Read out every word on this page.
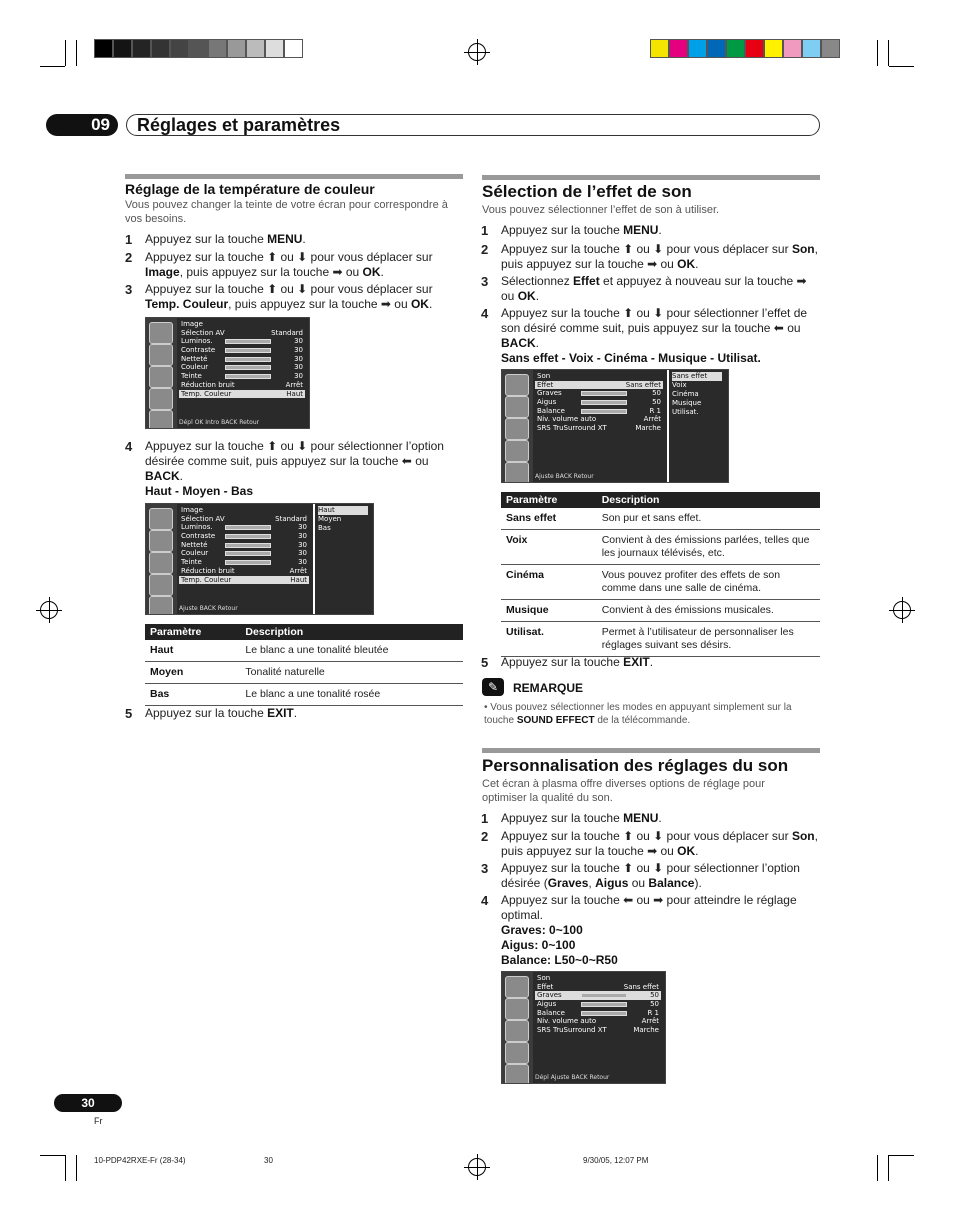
09	Réglages et paramètres
Réglage de la température de couleur
Vous pouvez changer la teinte de votre écran pour correspondre à vos besoins.
1 Appuyez sur la touche MENU.
2 Appuyez sur la touche ⬆ ou ⬇ pour vous déplacer sur Image, puis appuyez sur la touche ➡ ou OK.
3 Appuyez sur la touche ⬆ ou ⬇ pour vous déplacer sur Temp. Couleur, puis appuyez sur la touche ➡ ou OK.
Image
Sélection AV	Standard
Luminos.	30
Contraste	30
Netteté	30
Couleur	30
Teinte	30
Réduction bruit	Arrêt
Temp. Couleur	Haut
Dépl OK Intro BACK Retour
4 Appuyez sur la touche ⬆ ou ⬇ pour sélectionner l’option désirée comme suit, puis appuyez sur la touche ⬅ ou BACK.
Haut - Moyen - Bas
Image
Sélection AV	Standard
Luminos.	30
Contraste	30
Netteté	30
Couleur	30
Teinte	30
Réduction bruit	Arrêt
Temp. Couleur	Haut
Haut
Moyen
Bas
Ajuste BACK Retour
Paramètre	Description
Haut	Le blanc a une tonalité bleutée
Moyen	Tonalité naturelle
Bas	Le blanc a une tonalité rosée
5 Appuyez sur la touche EXIT.
Sélection de l’effet de son
Vous pouvez sélectionner l’effet de son à utiliser.
1 Appuyez sur la touche MENU.
2 Appuyez sur la touche ⬆ ou ⬇ pour vous déplacer sur Son, puis appuyez sur la touche ➡ ou OK.
3 Sélectionnez Effet et appuyez à nouveau sur la touche ➡ ou OK.
4 Appuyez sur la touche ⬆ ou ⬇ pour sélectionner l’effet de son désiré comme suit, puis appuyez sur la touche ⬅ ou BACK.
Sans effet - Voix - Cinéma - Musique - Utilisat.
Son
Effet	Sans effet
Graves	50
Aigus	50
Balance	R 1
Niv. volume auto	Arrêt
SRS TruSurround XT	Marche
Sans effet
Voix
Cinéma
Musique
Utilisat.
Ajuste BACK Retour
Paramètre	Description
Sans effet	Son pur et sans effet.
Voix	Convient à des émissions parlées, telles que les journaux télévisés, etc.
Cinéma	Vous pouvez profiter des effets de son comme dans une salle de cinéma.
Musique	Convient à des émissions musicales.
Utilisat.	Permet à l’utilisateur de personnaliser les réglages suivant ses désirs.
5 Appuyez sur la touche EXIT.
✎	REMARQUE
• Vous pouvez sélectionner les modes en appuyant simplement sur la touche SOUND EFFECT de la télécommande.
Personnalisation des réglages du son
Cet écran à plasma offre diverses options de réglage pour optimiser la qualité du son.
1 Appuyez sur la touche MENU.
2 Appuyez sur la touche ⬆ ou ⬇ pour vous déplacer sur Son, puis appuyez sur la touche ➡ ou OK.
3 Appuyez sur la touche ⬆ ou ⬇ pour sélectionner l’option désirée (Graves, Aigus ou Balance).
4 Appuyez sur la touche ⬅ ou ➡ pour atteindre le réglage optimal.
Graves: 0~100
Aigus: 0~100
Balance: L50~0~R50
Son
Effet	Sans effet
Graves	50
Aigus	50
Balance	R 1
Niv. volume auto	Arrêt
SRS TruSurround XT	Marche
Dépl Ajuste BACK Retour
30
Fr
10-PDP42RXE-Fr (28-34)	30	9/30/05, 12:07 PM
